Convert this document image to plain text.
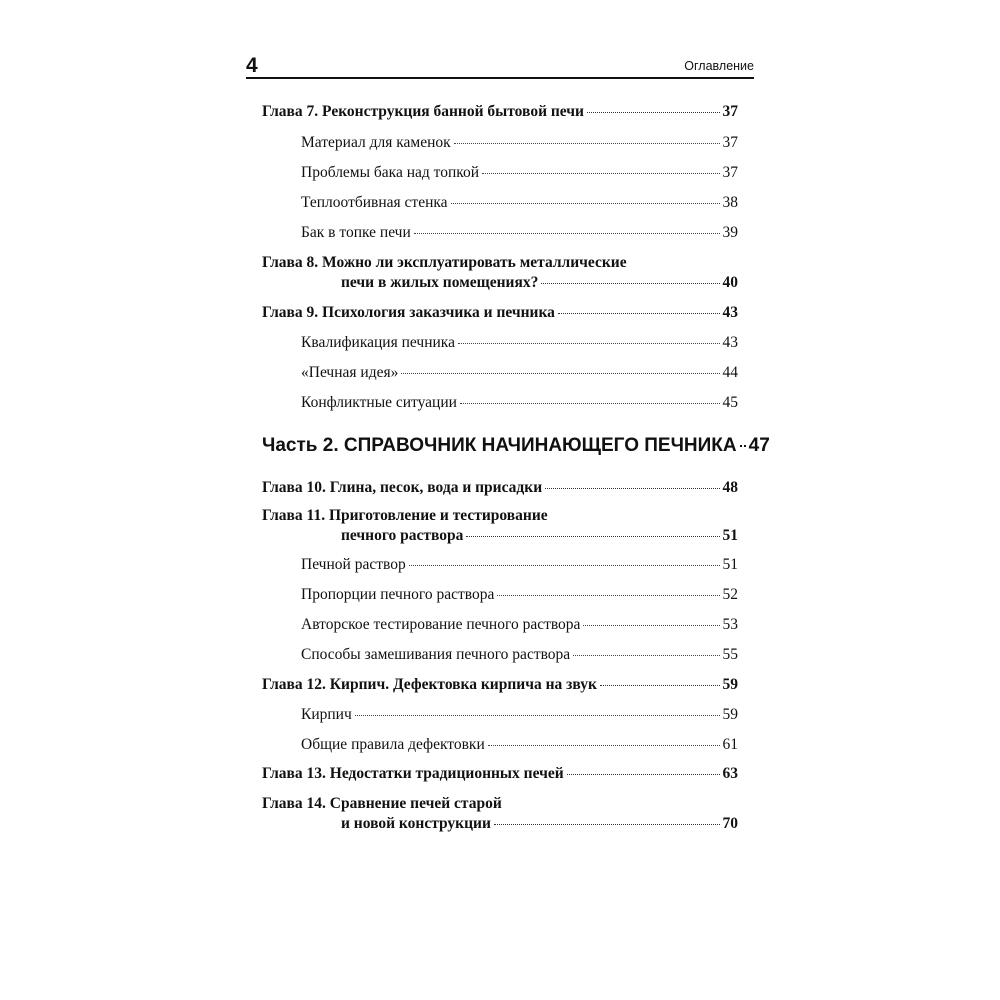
4	Оглавление
Глава 7. Реконструкция банной бытовой печи	37
Материал для каменок	37
Проблемы бака над топкой	37
Теплоотбивная стенка	38
Бак в топке печи	39
Глава 8. Можно ли эксплуатировать металлические
печи в жилых помещениях?	40
Глава 9. Психология заказчика и печника	43
Квалификация печника	43
«Печная идея»	44
Конфликтные ситуации	45
Часть 2. СПРАВОЧНИК НАЧИНАЮЩЕГО ПЕЧНИКА 47
Глава 10. Глина, песок, вода и присадки	48
Глава 11. Приготовление и тестирование
печного раствора	51
Печной раствор	51
Пропорции печного раствора	52
Авторское тестирование печного раствора	53
Способы замешивания печного раствора	55
Глава 12. Кирпич. Дефектовка кирпича на звук	59
Кирпич	59
Общие правила дефектовки	61
Глава 13. Недостатки традиционных печей	63
Глава 14. Сравнение печей старой
и новой конструкции	70
